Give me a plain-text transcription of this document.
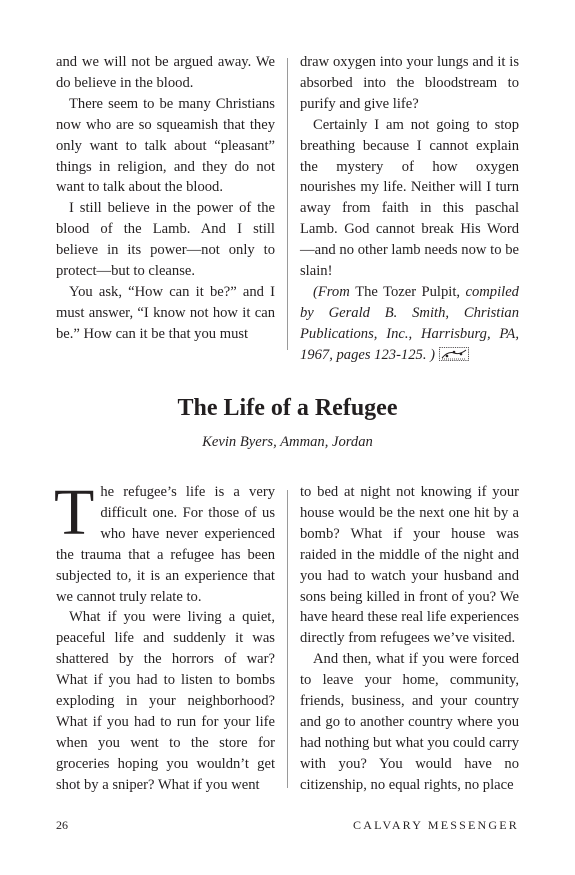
and we will not be argued away. We do believe in the blood.

There seem to be many Christians now who are so squeamish that they only want to talk about “pleasant” things in religion, and they do not want to talk about the blood.

I still believe in the power of the blood of the Lamb. And I still believe in its power—not only to protect—but to cleanse.

You ask, “How can it be?” and I must answer, “I know not how it can be.” How can it be that you must

draw oxygen into your lungs and it is absorbed into the bloodstream to purify and give life?

Certainly I am not going to stop breathing because I cannot explain the mystery of how oxygen nourishes my life. Neither will I turn away from faith in this paschal Lamb. God cannot break His Word—and no other lamb needs now to be slain!

(From The Tozer Pulpit, compiled by Gerald B. Smith, Christian Publications, Inc., Harrisburg, PA, 1967, pages 123-125. )

The Life of a Refugee
Kevin Byers, Amman, Jordan

The refugee’s life is a very difficult one. For those of us who have never experienced the trauma that a refugee has been subjected to, it is an experience that we cannot truly relate to.

What if you were living a quiet, peaceful life and suddenly it was shattered by the horrors of war? What if you had to listen to bombs exploding in your neighborhood? What if you had to run for your life when you went to the store for groceries hoping you wouldn’t get shot by a sniper? What if you went

to bed at night not knowing if your house would be the next one hit by a bomb? What if your house was raided in the middle of the night and you had to watch your husband and sons being killed in front of you? We have heard these real life experiences directly from refugees we’ve visited.

And then, what if you were forced to leave your home, community, friends, business, and your country and go to another country where you had nothing but what you could carry with you? You would have no citizenship, no equal rights, no place

26	CALVARY MESSENGER
